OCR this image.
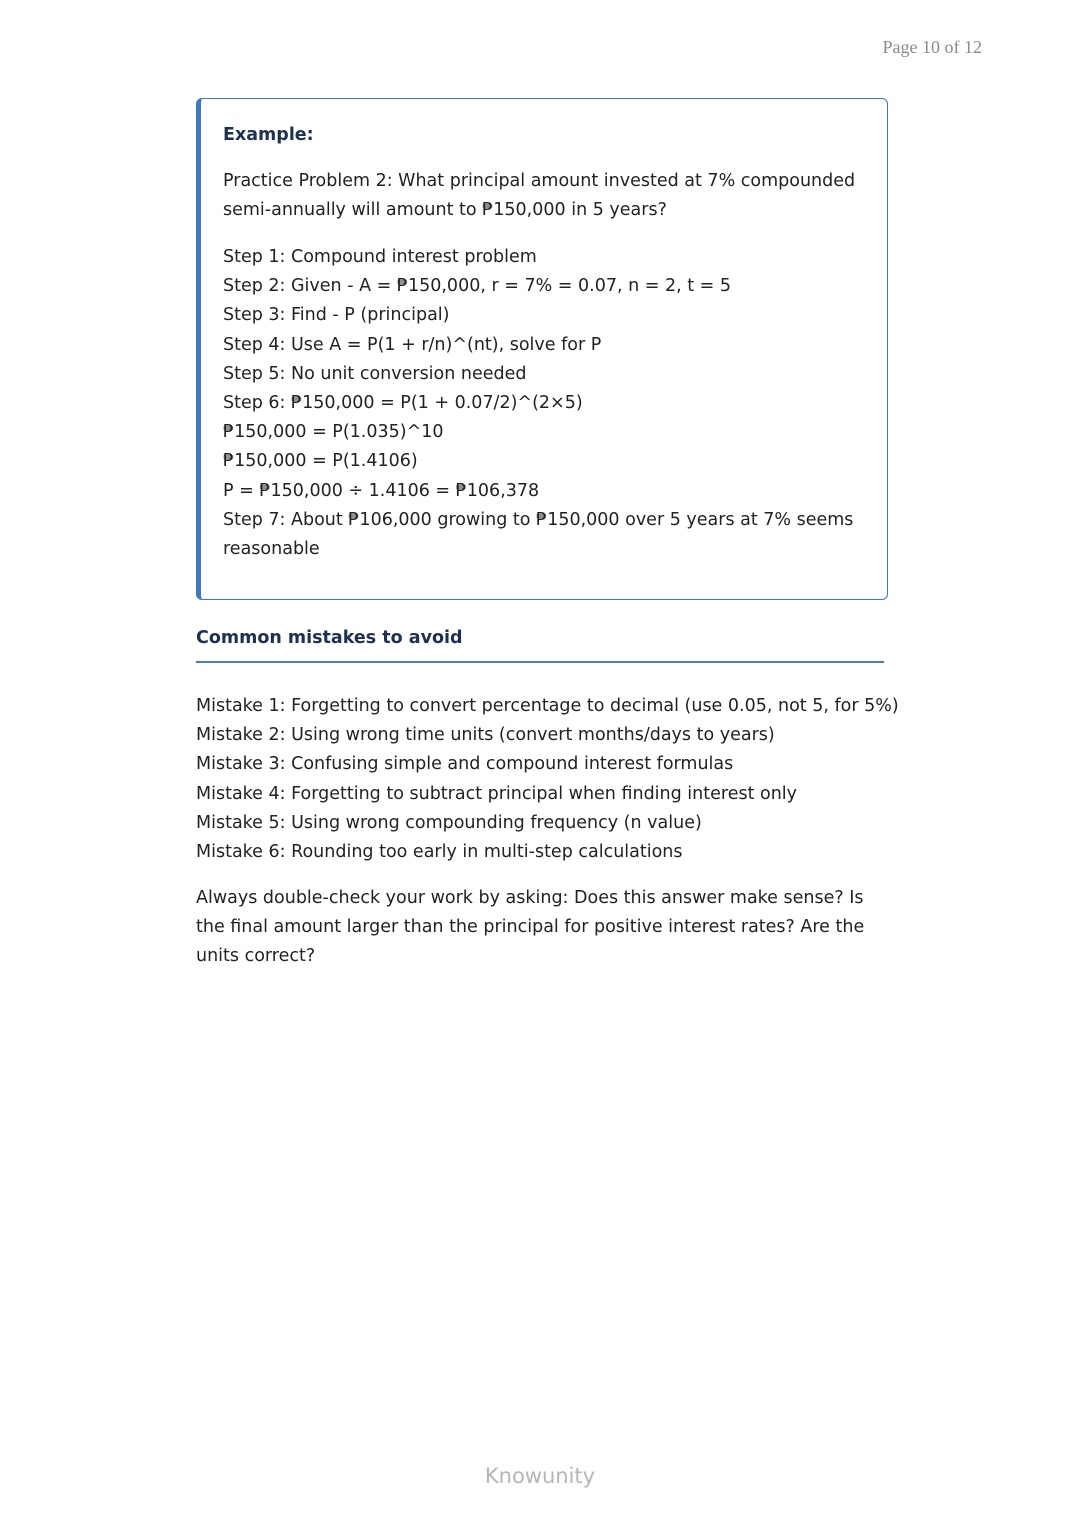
Page 10 of 12
Example:
Practice Problem 2: What principal amount invested at 7% compounded semi-annually will amount to ₱150,000 in 5 years?
Step 1: Compound interest problem
Step 2: Given - A = ₱150,000, r = 7% = 0.07, n = 2, t = 5
Step 3: Find - P (principal)
Step 4: Use A = P(1 + r/n)^(nt), solve for P
Step 5: No unit conversion needed
Step 6: ₱150,000 = P(1 + 0.07/2)^(2×5)
₱150,000 = P(1.035)^10
₱150,000 = P(1.4106)
P = ₱150,000 ÷ 1.4106 = ₱106,378
Step 7: About ₱106,000 growing to ₱150,000 over 5 years at 7% seems
reasonable
Common mistakes to avoid
Mistake 1: Forgetting to convert percentage to decimal (use 0.05, not 5, for 5%)
Mistake 2: Using wrong time units (convert months/days to years)
Mistake 3: Confusing simple and compound interest formulas
Mistake 4: Forgetting to subtract principal when finding interest only
Mistake 5: Using wrong compounding frequency (n value)
Mistake 6: Rounding too early in multi-step calculations
Always double-check your work by asking: Does this answer make sense? Is the final amount larger than the principal for positive interest rates? Are the units correct?
Knowunity
